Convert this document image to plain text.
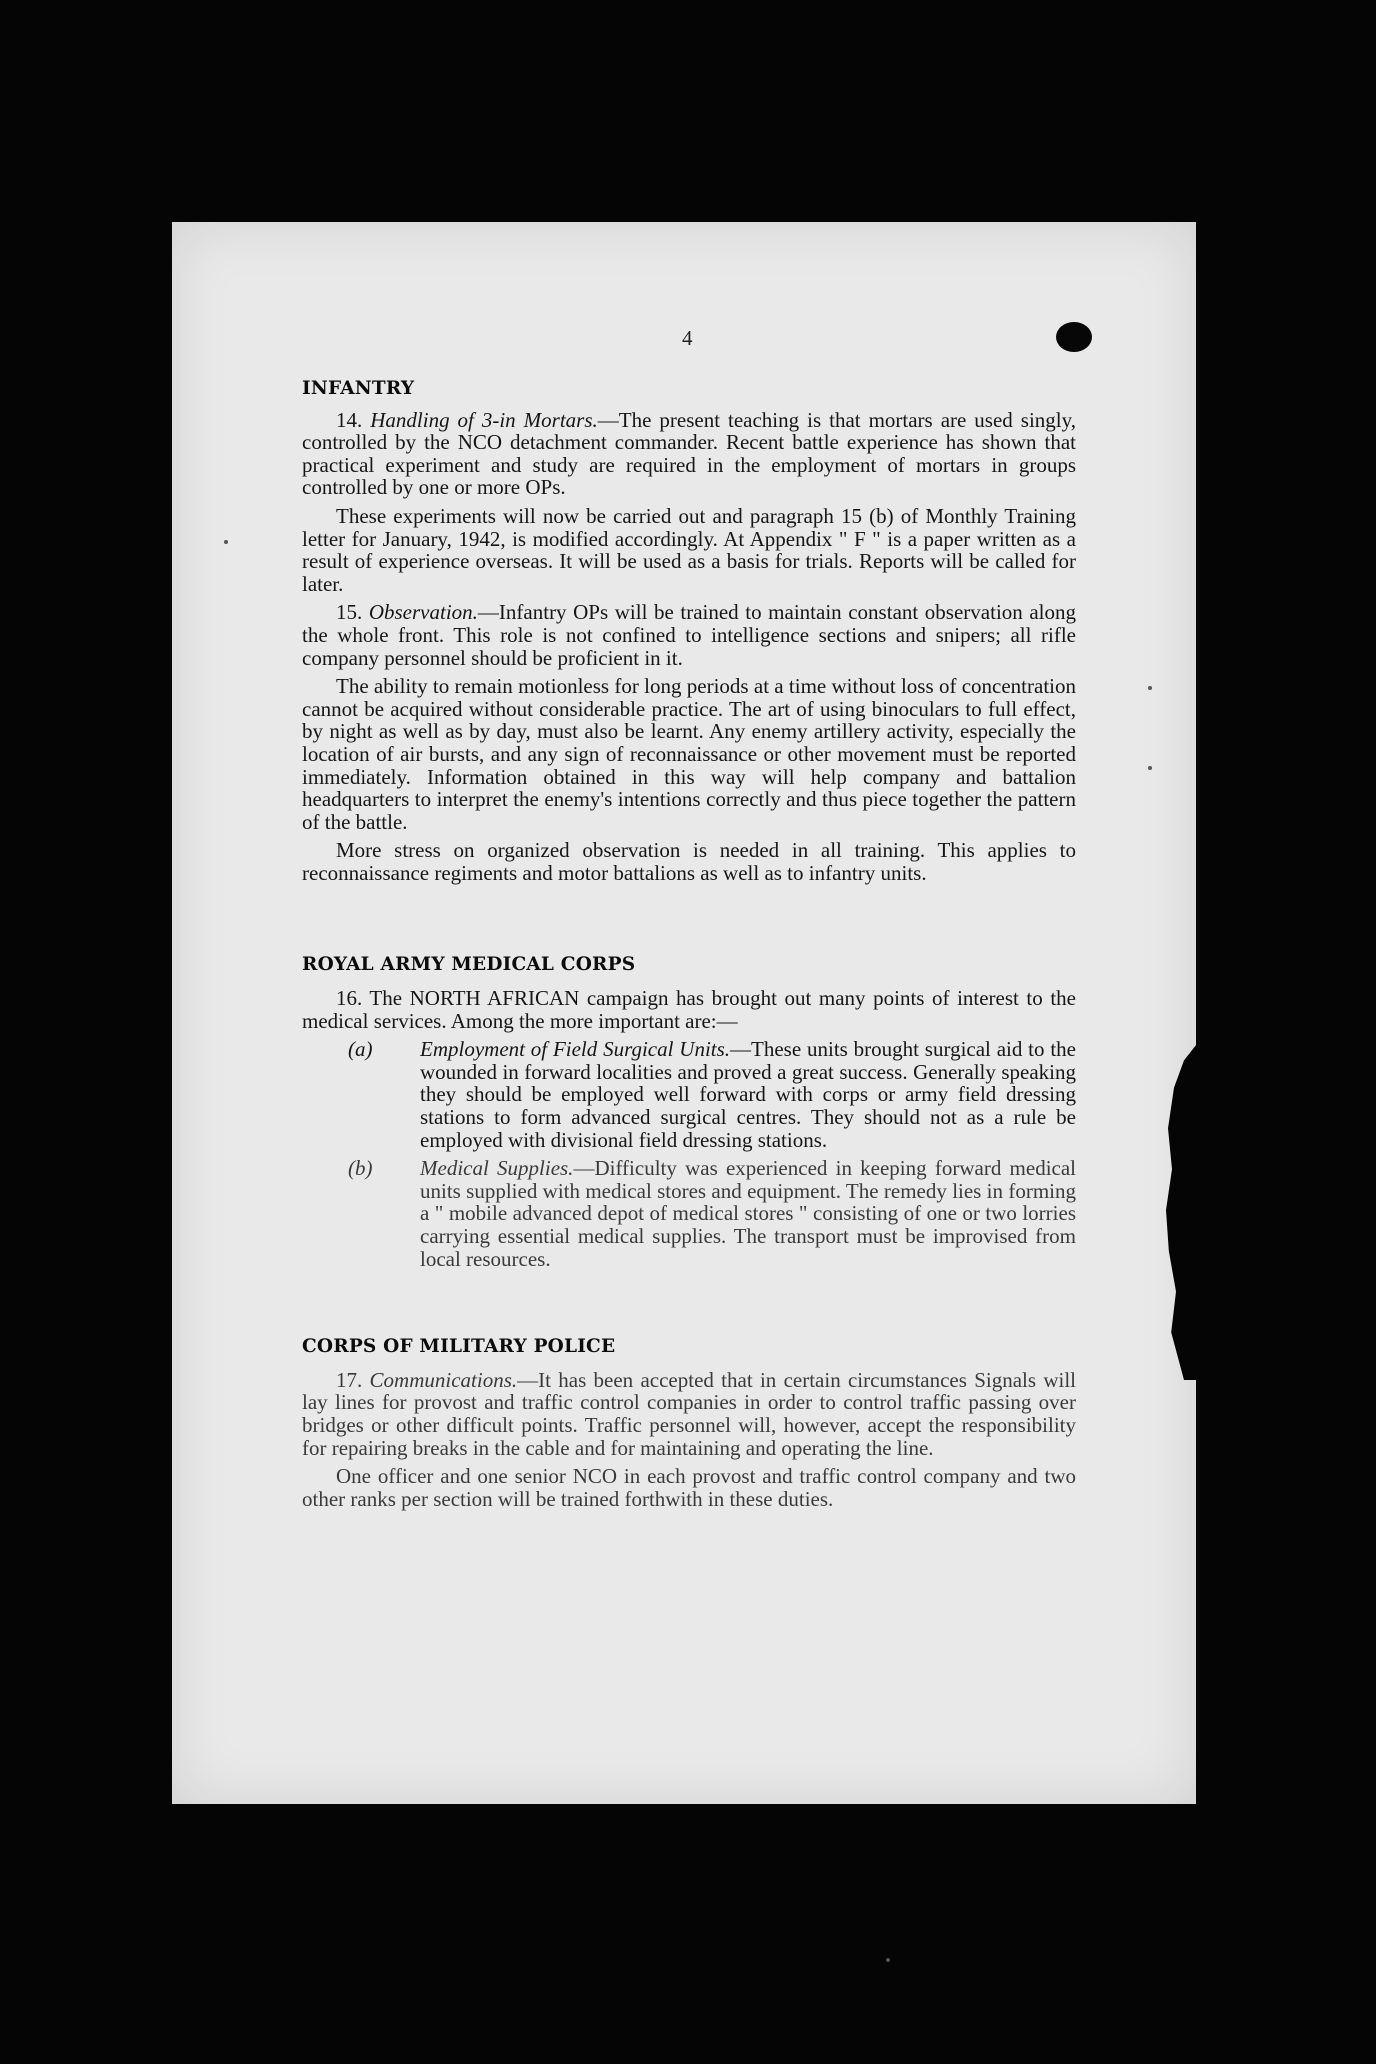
4
INFANTRY

14. Handling of 3-in Mortars.—The present teaching is that mortars are used singly, controlled by the NCO detachment commander. Recent battle experience has shown that practical experiment and study are required in the employment of mortars in groups controlled by one or more OPs.

These experiments will now be carried out and paragraph 15 (b) of Monthly Training letter for January, 1942, is modified accordingly. At Appendix " F " is a paper written as a result of experience overseas. It will be used as a basis for trials. Reports will be called for later.

15. Observation.—Infantry OPs will be trained to maintain constant observation along the whole front. This role is not confined to intelligence sections and snipers; all rifle company personnel should be proficient in it.

The ability to remain motionless for long periods at a time without loss of concentration cannot be acquired without considerable practice. The art of using binoculars to full effect, by night as well as by day, must also be learnt. Any enemy artillery activity, especially the location of air bursts, and any sign of reconnaissance or other movement must be reported immediately. Information obtained in this way will help company and battalion headquarters to interpret the enemy's intentions correctly and thus piece together the pattern of the battle.

More stress on organized observation is needed in all training. This applies to reconnaissance regiments and motor battalions as well as to infantry units.

ROYAL ARMY MEDICAL CORPS

16. The NORTH AFRICAN campaign has brought out many points of interest to the medical services. Among the more important are:—

(a)	Employment of Field Surgical Units.—These units brought surgical aid to the wounded in forward localities and proved a great success. Generally speaking they should be employed well forward with corps or army field dressing stations to form advanced surgical centres. They should not as a rule be employed with divisional field dressing stations.
(b)	Medical Supplies.—Difficulty was experienced in keeping forward medical units supplied with medical stores and equipment. The remedy lies in forming a " mobile advanced depot of medical stores " consisting of one or two lorries carrying essential medical supplies. The transport must be improvised from local resources.
CORPS OF MILITARY POLICE

17. Communications.—It has been accepted that in certain circumstances Signals will lay lines for provost and traffic control companies in order to control traffic passing over bridges or other difficult points. Traffic personnel will, however, accept the responsibility for repairing breaks in the cable and for maintaining and operating the line.

One officer and one senior NCO in each provost and traffic control company and two other ranks per section will be trained forthwith in these duties.
